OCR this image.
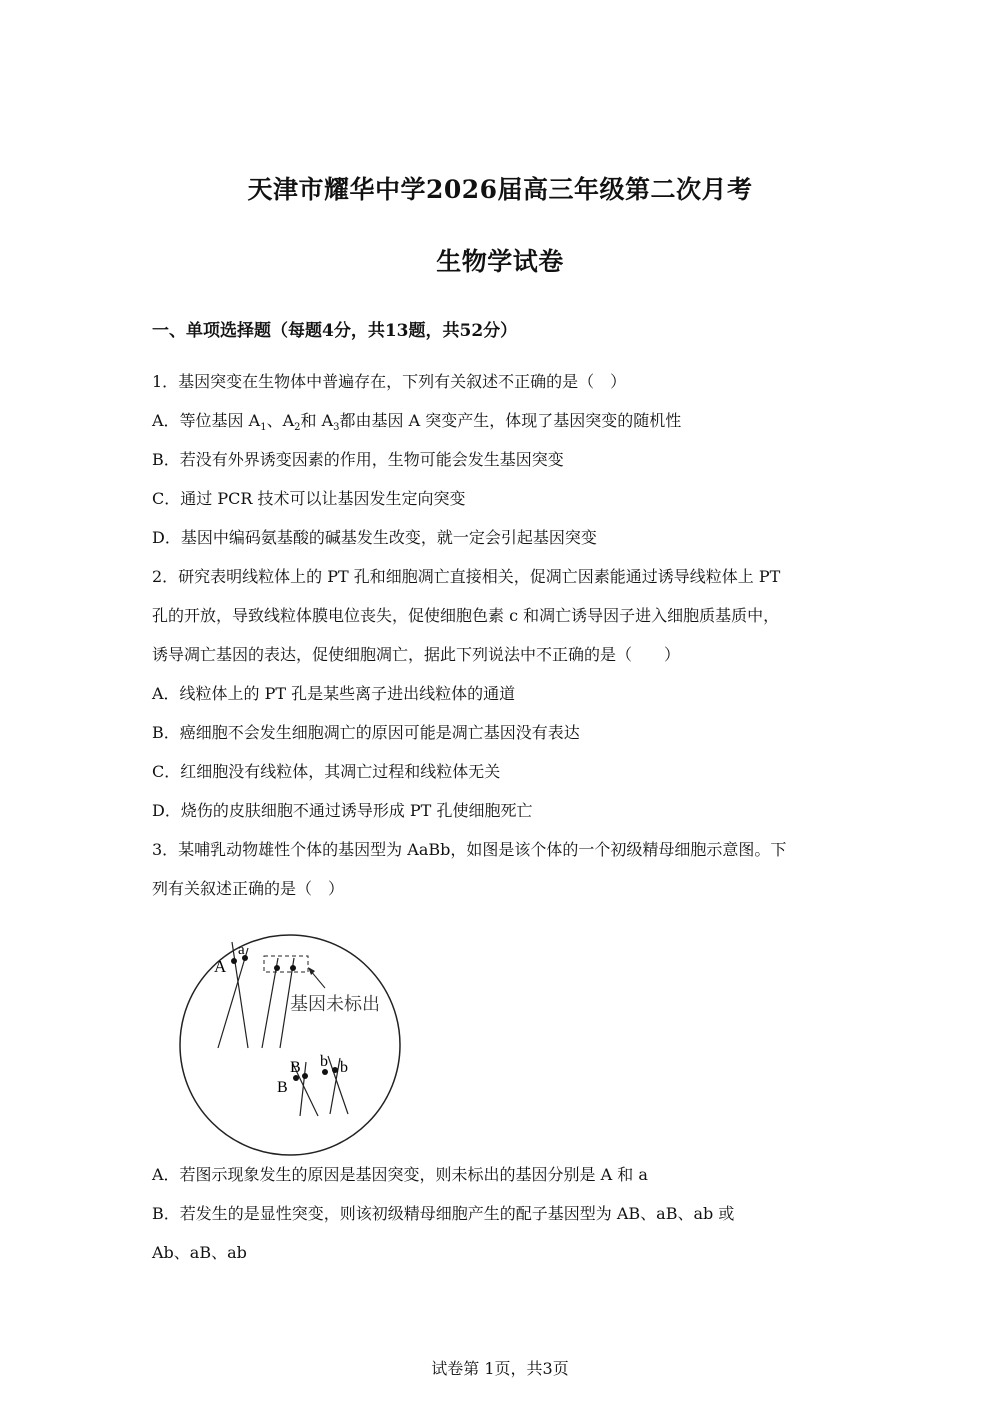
天津市耀华中学2026届高三年级第二次月考
生物学试卷
一、单项选择题（每题4分，共13题，共52分）
1．基因突变在生物体中普遍存在，下列有关叙述不正确的是（　）
A．等位基因 $A_1$、$A_2$和 $A_3$都由基因 A 突变产生，体现了基因突变的随机性
B．若没有外界诱变因素的作用，生物可能会发生基因突变
C．通过 PCR 技术可以让基因发生定向突变
D．基因中编码氨基酸的碱基发生改变，就一定会引起基因突变
2．研究表明线粒体上的 PT 孔和细胞凋亡直接相关，促凋亡因素能通过诱导线粒体上 PT
孔的开放，导致线粒体膜电位丧失，促使细胞色素 c 和凋亡诱导因子进入细胞质基质中，
诱导凋亡基因的表达，促使细胞凋亡，据此下列说法中不正确的是（　　）
A．线粒体上的 PT 孔是某些离子进出线粒体的通道
B．癌细胞不会发生细胞凋亡的原因可能是凋亡基因没有表达
C．红细胞没有线粒体，其凋亡过程和线粒体无关
D．烧伤的皮肤细胞不通过诱导形成 PT 孔使细胞死亡
3．某哺乳动物雄性个体的基因型为 AaBb，如图是该个体的一个初级精母细胞示意图。下
列有关叙述正确的是（　）
A
a
基因未标出
B
B
b b
A．若图示现象发生的原因是基因突变，则未标出的基因分别是 A 和 a
B．若发生的是显性突变，则该初级精母细胞产生的配子基因型为 AB、aB、ab 或
Ab、aB、ab
试卷第 1页，共3页
